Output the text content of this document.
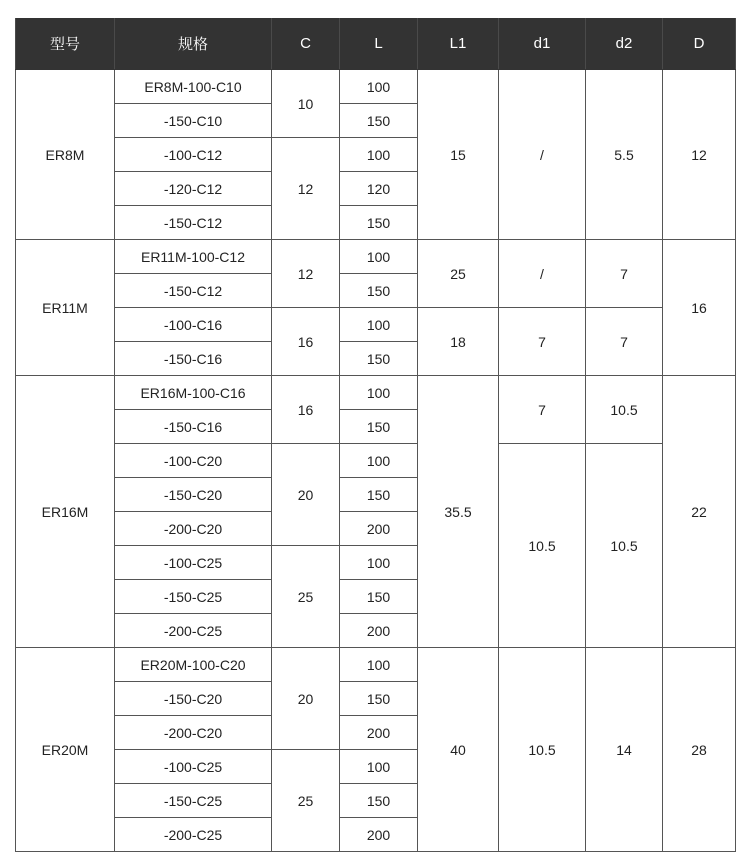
型号	规格	C	L	L1	d1	d2	D
ER8M	ER8M-100-C10	10	100	15	/	5.5	12
	-150-C10		150				
	-100-C12	12	100				
	-120-C12		120				
	-150-C12		150				
ER11M	ER11M-100-C12	12	100	25	/	7	16
	-150-C12		150				
	-100-C16	16	100	18	7	7	
	-150-C16		150				
ER16M	ER16M-100-C16	16	100	35.5	7	10.5	22
	-150-C16		150				
	-100-C20	20	100		10.5	10.5	
	-150-C20		150				
	-200-C20		200				
	-100-C25	25	100				
	-150-C25		150				
	-200-C25		200				
ER20M	ER20M-100-C20	20	100	40	10.5	14	28
	-150-C20		150				
	-200-C20		200				
	-100-C25	25	100				
	-150-C25		150				
	-200-C25		200				
